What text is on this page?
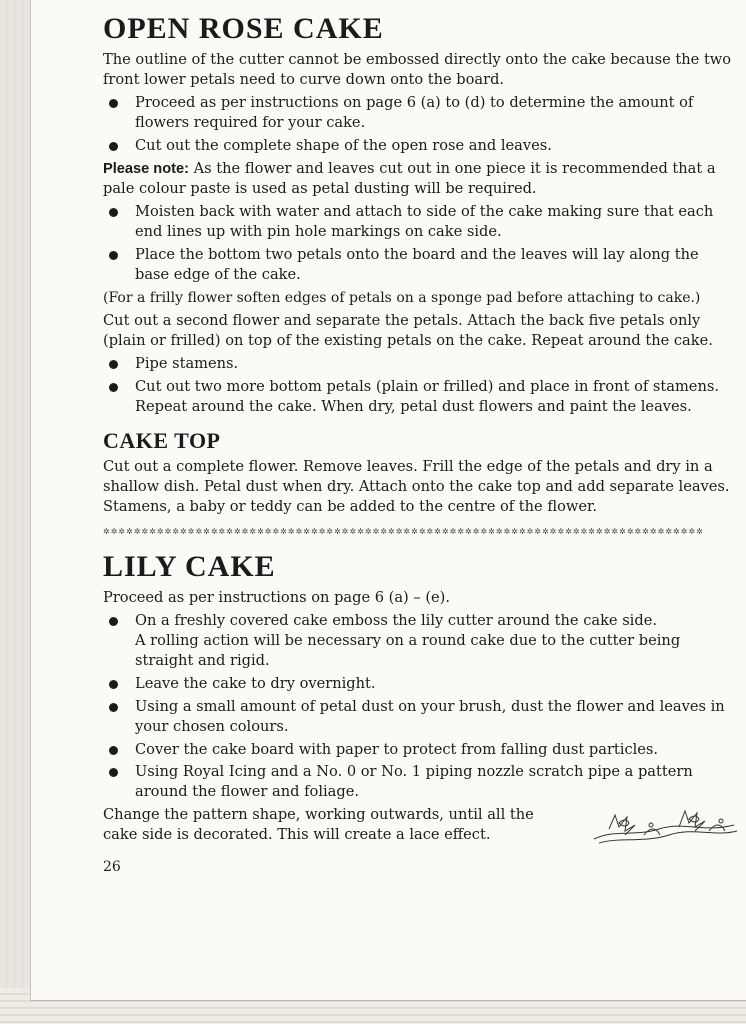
OPEN ROSE CAKE

The outline of the cutter cannot be embossed directly onto the cake because the two front lower petals need to curve down onto the board.

Proceed as per instructions on page 6 (a) to (d) to determine the amount of flowers required for your cake.
Cut out the complete shape of the open rose and leaves.

Please note: As the flower and leaves cut out in one piece it is recommended that a pale colour paste is used as petal dusting will be required.

Moisten back with water and attach to side of the cake making sure that each end lines up with pin hole markings on cake side.
Place the bottom two petals onto the board and the leaves will lay along the base edge of the cake.

(For a frilly flower soften edges of petals on a sponge pad before attaching to cake.)

Cut out a second flower and separate the petals. Attach the back five petals only (plain or frilled) on top of the existing petals on the cake. Repeat around the cake.

Pipe stamens.
Cut out two more bottom petals (plain or frilled) and place in front of stamens. Repeat around the cake. When dry, petal dust flowers and paint the leaves.
CAKE TOP

Cut out a complete flower. Remove leaves. Frill the edge of the petals and dry in a shallow dish. Petal dust when dry. Attach onto the cake top and add separate leaves. Stamens, a baby or teddy can be added to the centre of the flower.

✲✲✲✲✲✲✲✲✲✲✲✲✲✲✲✲✲✲✲✲✲✲✲✲✲✲✲✲✲✲✲✲✲✲✲✲✲✲✲✲✲✲✲✲✲✲✲✲✲✲✲✲✲✲✲✲✲✲✲✲✲✲✲✲✲✲✲✲✲✲✲✲✲✲✲✲✲✲
LILY CAKE

Proceed as per instructions on page 6 (a) – (e).

On a freshly covered cake emboss the lily cutter around the cake side.

A rolling action will be necessary on a round cake due to the cutter being straight and rigid.

Leave the cake to dry overnight.
Using a small amount of petal dust on your brush, dust the flower and leaves in your chosen colours.
Cover the cake board with paper to protect from falling dust particles.
Using Royal Icing and a No. 0 or No. 1 piping nozzle scratch pipe a pattern around the flower and foliage.

Change the pattern shape, working outwards, until all the cake side is decorated. This will create a lace effect.

26
